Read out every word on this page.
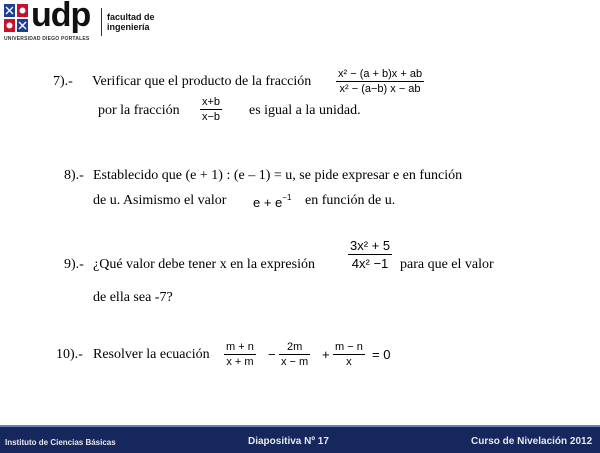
udp
UNIVERSIDAD DIEGO PORTALES
facultad de
ingeniería
7).- Verificar que el producto de la fracción x² − (a + b)x + ab
x² − (a−b) x − ab
por la fracción
x+b
x−b es igual a la unidad.
8).- Establecido que (e + 1) : (e – 1) = u, se pide expresar e en función
de u. Asimismo el valor $e + e^{-1}$ en función de u.
9).- ¿Qué valor debe tener x en la expresión
3x² + 5
4x² −1 para que el valor
de ella sea -7?
10).- Resolver la ecuación m + n
x + m − 2m
x − m + m − n
x = 0
Instituto de Ciencias Básicas	Diapositiva Nº 17	Curso de Nivelación 2012
